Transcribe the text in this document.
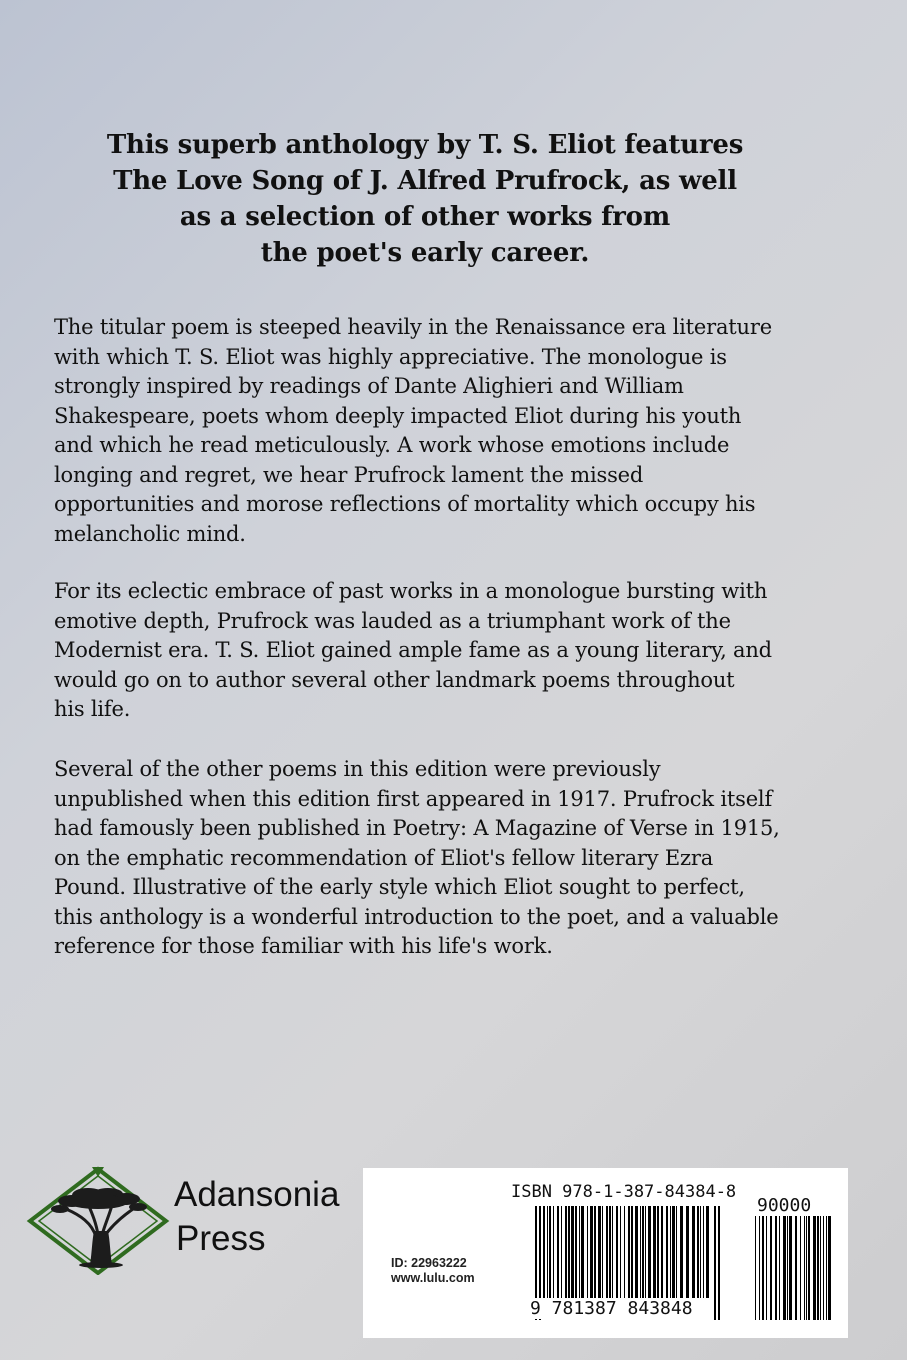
This superb anthology by T. S. Eliot features
The Love Song of J. Alfred Prufrock, as well
as a selection of other works from
the poet's early career.
The titular poem is steeped heavily in the Renaissance era literature
with which T. S. Eliot was highly appreciative. The monologue is
strongly inspired by readings of Dante Alighieri and William
Shakespeare, poets whom deeply impacted Eliot during his youth
and which he read meticulously. A work whose emotions include
longing and regret, we hear Prufrock lament the missed
opportunities and morose reflections of mortality which occupy his
melancholic mind.
For its eclectic embrace of past works in a monologue bursting with
emotive depth, Prufrock was lauded as a triumphant work of the
Modernist era. T. S. Eliot gained ample fame as a young literary, and
would go on to author several other landmark poems throughout
his life.
Several of the other poems in this edition were previously
unpublished when this edition first appeared in 1917. Prufrock itself
had famously been published in Poetry: A Magazine of Verse in 1915,
on the emphatic recommendation of Eliot's fellow literary Ezra
Pound. Illustrative of the early style which Eliot sought to perfect,
this anthology is a wonderful introduction to the poet, and a valuable
reference for those familiar with his life's work.
Adansonia
Press
ISBN 978-1-387-84384-8
ID: 22963222
www.lulu.com
9 781387 843848
90000
